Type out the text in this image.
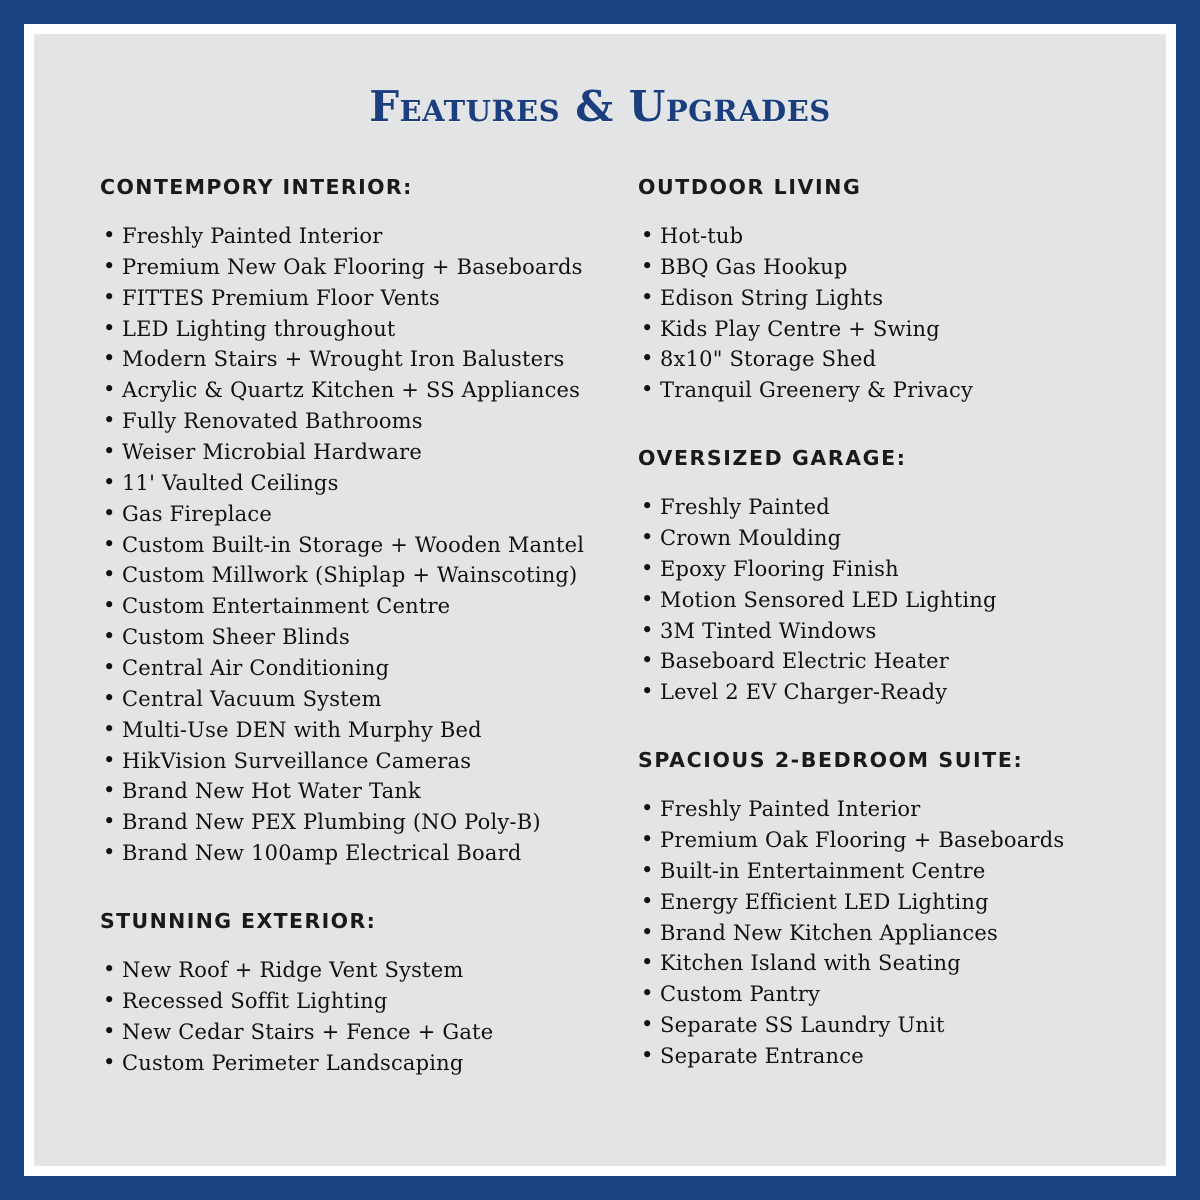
Features & Upgrades
CONTEMPORY INTERIOR:
• Freshly Painted Interior
• Premium New Oak Flooring + Baseboards
• FITTES Premium Floor Vents
• LED Lighting throughout
• Modern Stairs + Wrought Iron Balusters
• Acrylic & Quartz Kitchen + SS Appliances
• Fully Renovated Bathrooms
• Weiser Microbial Hardware
• 11' Vaulted Ceilings
• Gas Fireplace
• Custom Built-in Storage + Wooden Mantel
• Custom Millwork (Shiplap + Wainscoting)
• Custom Entertainment Centre
• Custom Sheer Blinds
• Central Air Conditioning
• Central Vacuum System
• Multi-Use DEN with Murphy Bed
• HikVision Surveillance Cameras
• Brand New Hot Water Tank
• Brand New PEX Plumbing (NO Poly-B)
• Brand New 100amp Electrical Board
STUNNING EXTERIOR:
• New Roof + Ridge Vent System
• Recessed Soffit Lighting
• New Cedar Stairs + Fence + Gate
• Custom Perimeter Landscaping
OUTDOOR LIVING
• Hot-tub
• BBQ Gas Hookup
• Edison String Lights
• Kids Play Centre + Swing
• 8x10" Storage Shed
• Tranquil Greenery & Privacy
OVERSIZED GARAGE:
• Freshly Painted
• Crown Moulding
• Epoxy Flooring Finish
• Motion Sensored LED Lighting
• 3M Tinted Windows
• Baseboard Electric Heater
• Level 2 EV Charger-Ready
SPACIOUS 2-BEDROOM SUITE:
• Freshly Painted Interior
• Premium Oak Flooring + Baseboards
• Built-in Entertainment Centre
• Energy Efficient LED Lighting
• Brand New Kitchen Appliances
• Kitchen Island with Seating
• Custom Pantry
• Separate SS Laundry Unit
• Separate Entrance
